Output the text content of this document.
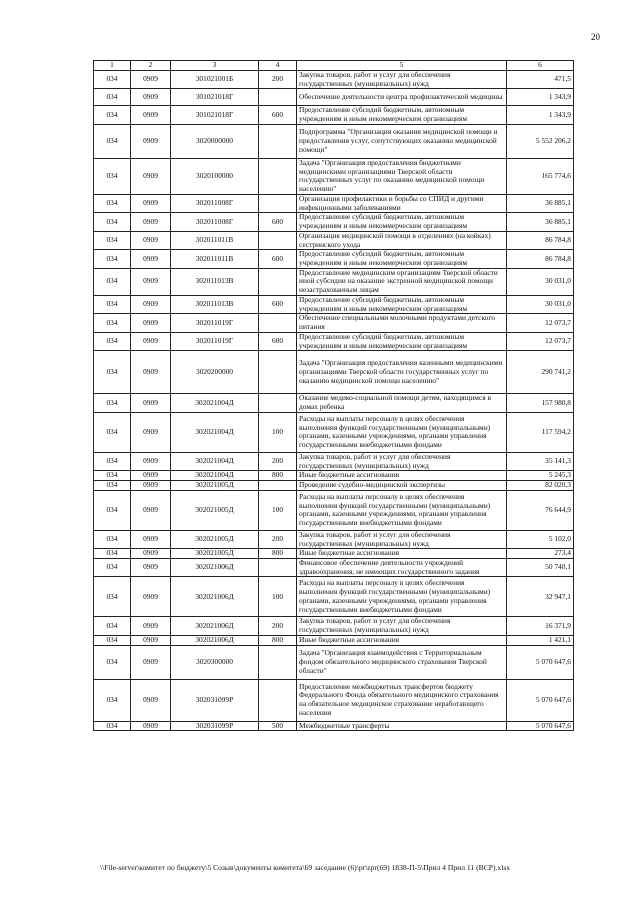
20
1	2	3	4	5	6
034	0909	301021001Б	200	Закупка товаров, работ и услуг для обеспечения государственных (муниципальных) нужд	471,5
034	0909	301021018Г		Обеспечение деятельности центра профилактической медицины	1 343,9
034	0909	301021018Г	600	Предоставление субсидий бюджетным, автономным учреждениям и иным некоммерческим организациям	1 343,9
034	0909	3020000000		Подпрограмма "Организация оказания медицинской помощи и предоставления услуг, сопутствующих оказанию медицинской помощи"	5 552 206,2
034	0909	3020100000		Задача "Организация предоставления бюджетными медицинскими организациями Тверской области государственных услуг по оказанию медицинской помощи населению"	165 774,6
034	0909	302011008Г		Организация профилактики и борьбы со СПИД и другими инфекционными заболеваниями	36 885,1
034	0909	302011008Г	600	Предоставление субсидий бюджетным, автономным учреждениям и иным некоммерческим организациям	36 885,1
034	0909	302011011В		Организация медицинской помощи в отделениях (на койках) сестринского ухода	86 784,8
034	0909	302011011В	600	Предоставление субсидий бюджетным, автономным учреждениям и иным некоммерческим организациям	86 784,8
034	0909	302011013В		Предоставление медицинским организациям Тверской области иной субсидии на оказание экстренной медицинской помощи незастрахованным лицам	30 031,0
034	0909	302011013В	600	Предоставление субсидий бюджетным, автономным учреждениям и иным некоммерческим организациям	30 031,0
034	0909	302011019Г		Обеспечение специальными молочными продуктами детского питания	12 073,7
034	0909	302011019Г	600	Предоставление субсидий бюджетным, автономным учреждениям и иным некоммерческим организациям	12 073,7
034	0909	3020200000		Задача "Организация предоставления казенными медицинскими организациями Тверской области государственных услуг по оказанию медицинской помощи населению"	290 741,2
034	0909	302021004Д		Оказание медико-социальной помощи детям, находящимся в домах ребенка	157 980,8
034	0909	302021004Д	100	Расходы на выплаты персоналу в целях обеспечения выполнения функций государственными (муниципальными) органами, казенными учреждениями, органами управления государственными внебюджетными фондами	117 594,2
034	0909	302021004Д	200	Закупка товаров, работ и услуг для обеспечения государственных (муниципальных) нужд	35 141,3
034	0909	302021004Д	800	Иные бюджетные ассигнования	5 245,3
034	0909	302021005Д		Проведение судебно-медицинской экспертизы	82 020,3
034	0909	302021005Д	100	Расходы на выплаты персоналу в целях обеспечения выполнения функций государственными (муниципальными) органами, казенными учреждениями, органами управления государственными внебюджетными фондами	76 644,9
034	0909	302021005Д	200	Закупка товаров, работ и услуг для обеспечения государственных (муниципальных) нужд	5 102,0
034	0909	302021005Д	800	Иные бюджетные ассигнования	273,4
034	0909	302021006Д		Финансовое обеспечение деятельности учреждений здравоохранения, не имеющих государственного задания	50 740,1
034	0909	302021006Д	100	Расходы на выплаты персоналу в целях обеспечения выполнения функций государственными (муниципальными) органами, казенными учреждениями, органами управления государственными внебюджетными фондами	32 947,1
034	0909	302021006Д	200	Закупка товаров, работ и услуг для обеспечения государственных (муниципальных) нужд	16 371,9
034	0909	302021006Д	800	Иные бюджетные ассигнования	1 421,1
034	0909	3020300000		Задача "Организация взаимодействия с Территориальным фондом обязательного медицинского страхования Тверской области"	5 070 647,6
034	0909	302031099Р		Предоставление межбюджетных трансфертов бюджету Федерального Фонда обязательного медицинского страхования на обязательное медицинское страхование неработающего населения	5 070 647,6
034	0909	302031099Р	500	Межбюджетные трансферты	5 070 647,6
\\File-server\комитет по бюджету\5 Созыв\документы комитета\69 заседание (6)\pr\zpr(69) 1838-П-5\Прил 4 Прил 11 (ВСР).xlsx
